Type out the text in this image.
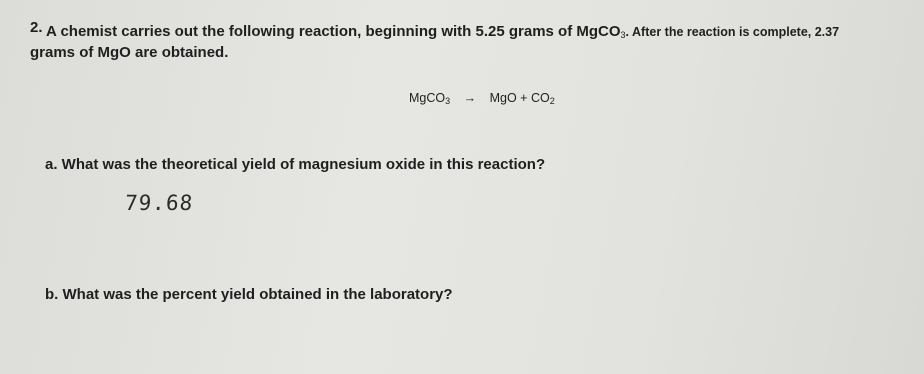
2. A chemist carries out the following reaction, beginning with 5.25 grams of MgCO$_3$. After the reaction is complete, 2.37
grams of MgO are obtained.
MgCO$_3$ → MgO + $CO_2$
a. What was the theoretical yield of magnesium oxide in this reaction?
79.68
b. What was the percent yield obtained in the laboratory?
